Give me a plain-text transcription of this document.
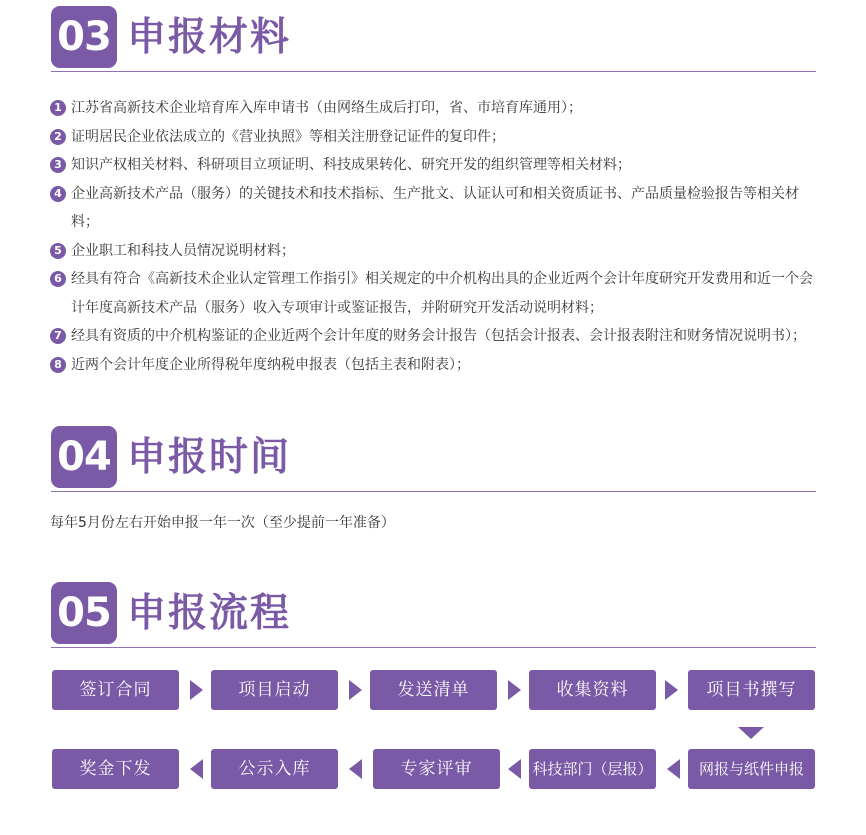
03 申报材料
1 江苏省高新技术企业培育库入库申请书（由网络生成后打印，省、市培育库通用）；
2 证明居民企业依法成立的《营业执照》等相关注册登记证件的复印件；
3 知识产权相关材料、科研项目立项证明、科技成果转化、研究开发的组织管理等相关材料；
4 企业高新技术产品（服务）的关键技术和技术指标、生产批文、认证认可和相关资质证书、产品质量检验报告等相关材料；
5 企业职工和科技人员情况说明材料；
6 经具有符合《高新技术企业认定管理工作指引》相关规定的中介机构出具的企业近两个会计年度研究开发费用和近一个会计年度高新技术产品（服务）收入专项审计或鉴证报告，并附研究开发活动说明材料；
7 经具有资质的中介机构鉴证的企业近两个会计年度的财务会计报告（包括会计报表、会计报表附注和财务情况说明书）；
8 近两个会计年度企业所得税年度纳税申报表（包括主表和附表）；
04 申报时间
每年5月份左右开始申报一年一次（至少提前一年准备）
05 申报流程
签订合同	项目启动	发送清单	收集资料	项目书撰写
奖金下发	公示入库	专家评审	科技部门（层报）	网报与纸件申报
